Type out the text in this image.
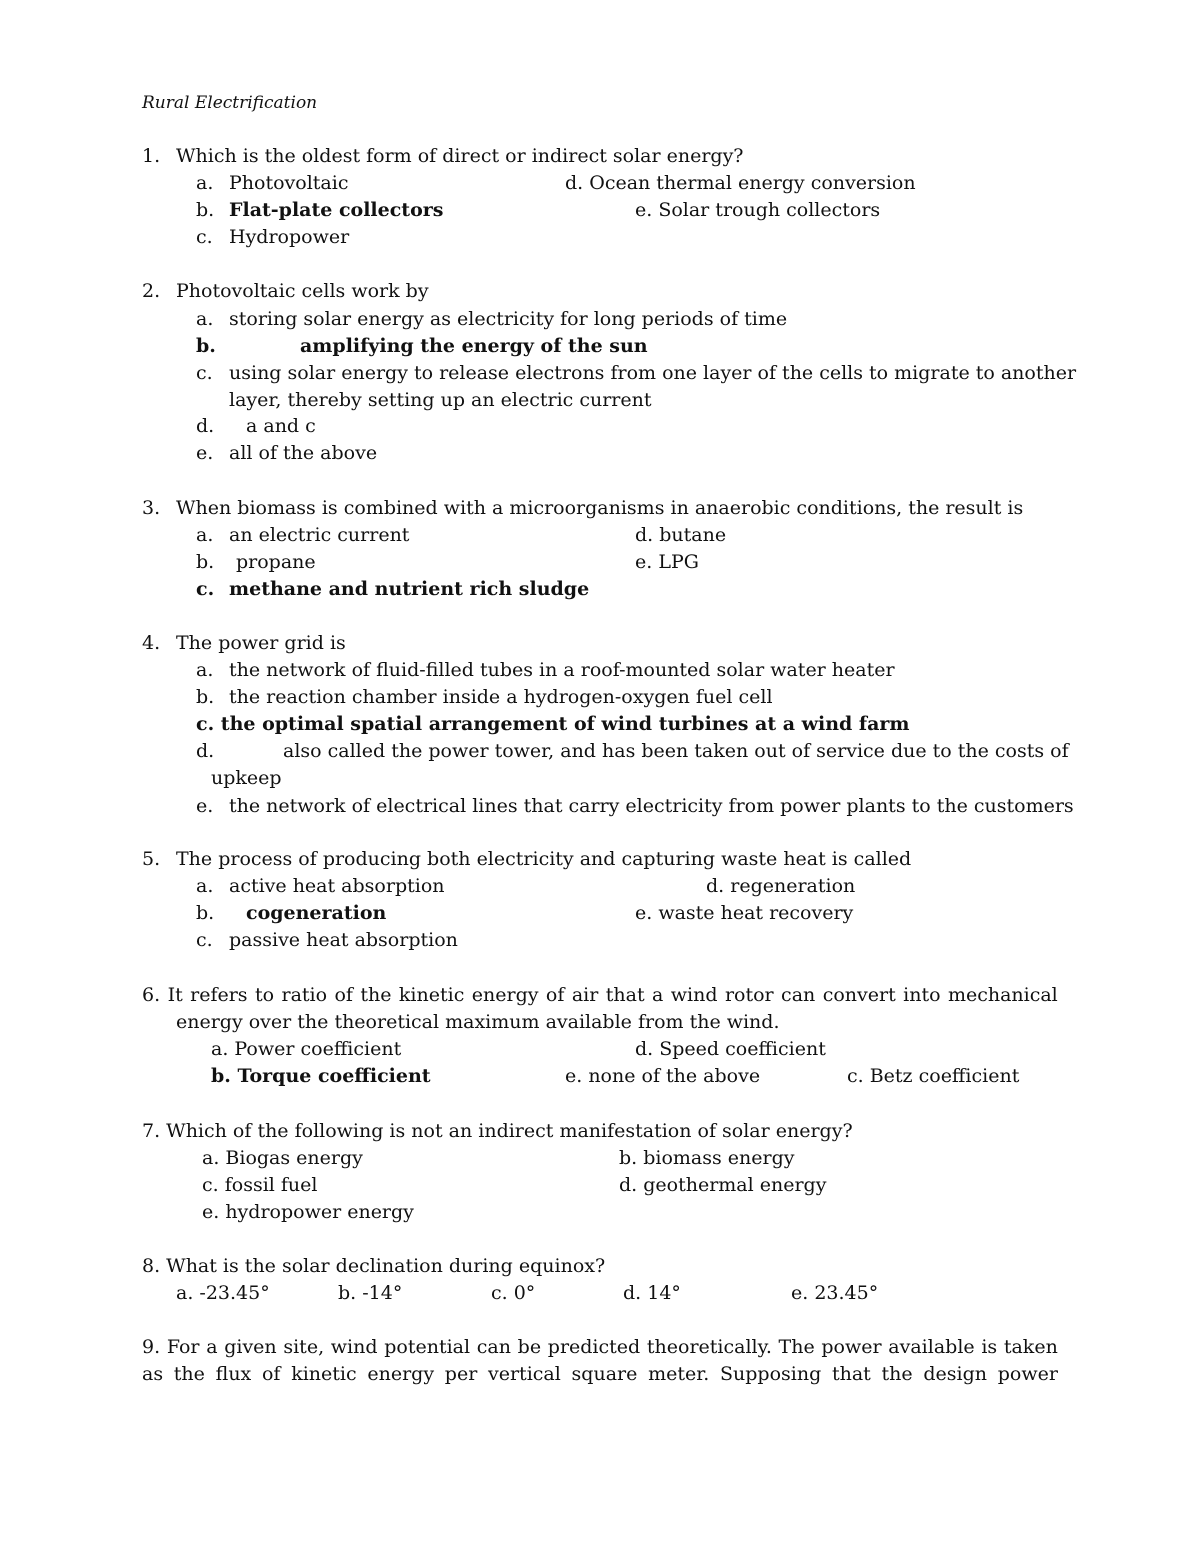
Rural Electrification
1. Which is the oldest form of direct or indirect solar energy?
a. Photovoltaic	d. Ocean thermal energy conversion
b. Flat-plate collectors	e. Solar trough collectors
c. Hydropower
2. Photovoltaic cells work by
a. storing solar energy as electricity for long periods of time
b.	amplifying the energy of the sun
c. using solar energy to release electrons from one layer of the cells to migrate to another
layer, thereby setting up an electric current
d. a and c
e. all of the above
3. When biomass is combined with a microorganisms in anaerobic conditions, the result is
a. an electric current	d. butane
b. propane	e. LPG
c. methane and nutrient rich sludge
4. The power grid is
a. the network of fluid-filled tubes in a roof-mounted solar water heater
b. the reaction chamber inside a hydrogen-oxygen fuel cell
c. the optimal spatial arrangement of wind turbines at a wind farm
d.	also called the power tower, and has been taken out of service due to the costs of
upkeep
e. the network of electrical lines that carry electricity from power plants to the customers
5. The process of producing both electricity and capturing waste heat is called
a. active heat absorption	d. regeneration
b. cogeneration	e. waste heat recovery
c. passive heat absorption
6. It refers to ratio of the kinetic energy of air that a wind rotor can convert into mechanical
energy over the theoretical maximum available from the wind.
a. Power coefficient	d. Speed coefficient
b. Torque coefficient	e. none of the above	c. Betz coefficient
7. Which of the following is not an indirect manifestation of solar energy?
a. Biogas energy	b. biomass energy
c. fossil fuel	d. geothermal energy
e. hydropower energy
8. What is the solar declination during equinox?
a. -23.45°	b. -14°	c. 0°	d. 14°	e. 23.45°
9. For a given site, wind potential can be predicted theoretically. The power available is taken
as the flux of kinetic energy per vertical square meter. Supposing that the design power
